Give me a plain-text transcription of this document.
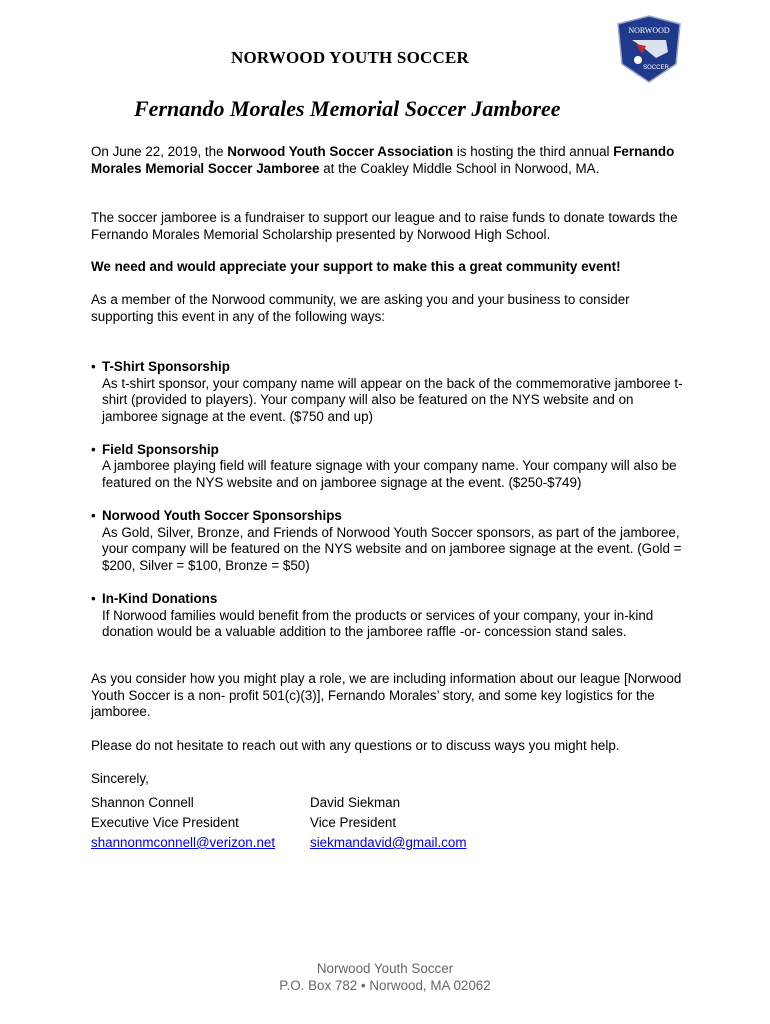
NORWOOD YOUTH SOCCER
NORWOOD
SOCCER
Fernando Morales Memorial Soccer Jamboree
On June 22, 2019, the Norwood Youth Soccer Association is hosting the third annual Fernando Morales Memorial Soccer Jamboree at the Coakley Middle School in Norwood, MA.
The soccer jamboree is a fundraiser to support our league and to raise funds to donate towards the Fernando Morales Memorial Scholarship presented by Norwood High School.
We need and would appreciate your support to make this a great community event!
As a member of the Norwood community, we are asking you and your business to consider supporting this event in any of the following ways:
• T-Shirt Sponsorship
As t-shirt sponsor, your company name will appear on the back of the commemorative jamboree t-shirt (provided to players). Your company will also be featured on the NYS website and on jamboree signage at the event. ($750 and up)
• Field Sponsorship
A jamboree playing field will feature signage with your company name. Your company will also be featured on the NYS website and on jamboree signage at the event. ($250-$749)
• Norwood Youth Soccer Sponsorships
As Gold, Silver, Bronze, and Friends of Norwood Youth Soccer sponsors, as part of the jamboree, your company will be featured on the NYS website and on jamboree signage at the event. (Gold = $200, Silver = $100, Bronze = $50)
• In-Kind Donations
If Norwood families would benefit from the products or services of your company, your in-kind donation would be a valuable addition to the jamboree raffle -or- concession stand sales.
As you consider how you might play a role, we are including information about our league [Norwood Youth Soccer is a non- profit 501(c)(3)], Fernando Morales’ story, and some key logistics for the jamboree.
Please do not hesitate to reach out with any questions or to discuss ways you might help.
Sincerely,
Shannon Connell
Executive Vice President
shannonmconnell@verizon.net
David Siekman
Vice President
siekmandavid@gmail.com
Norwood Youth Soccer
P.O. Box 782 • Norwood, MA 02062
